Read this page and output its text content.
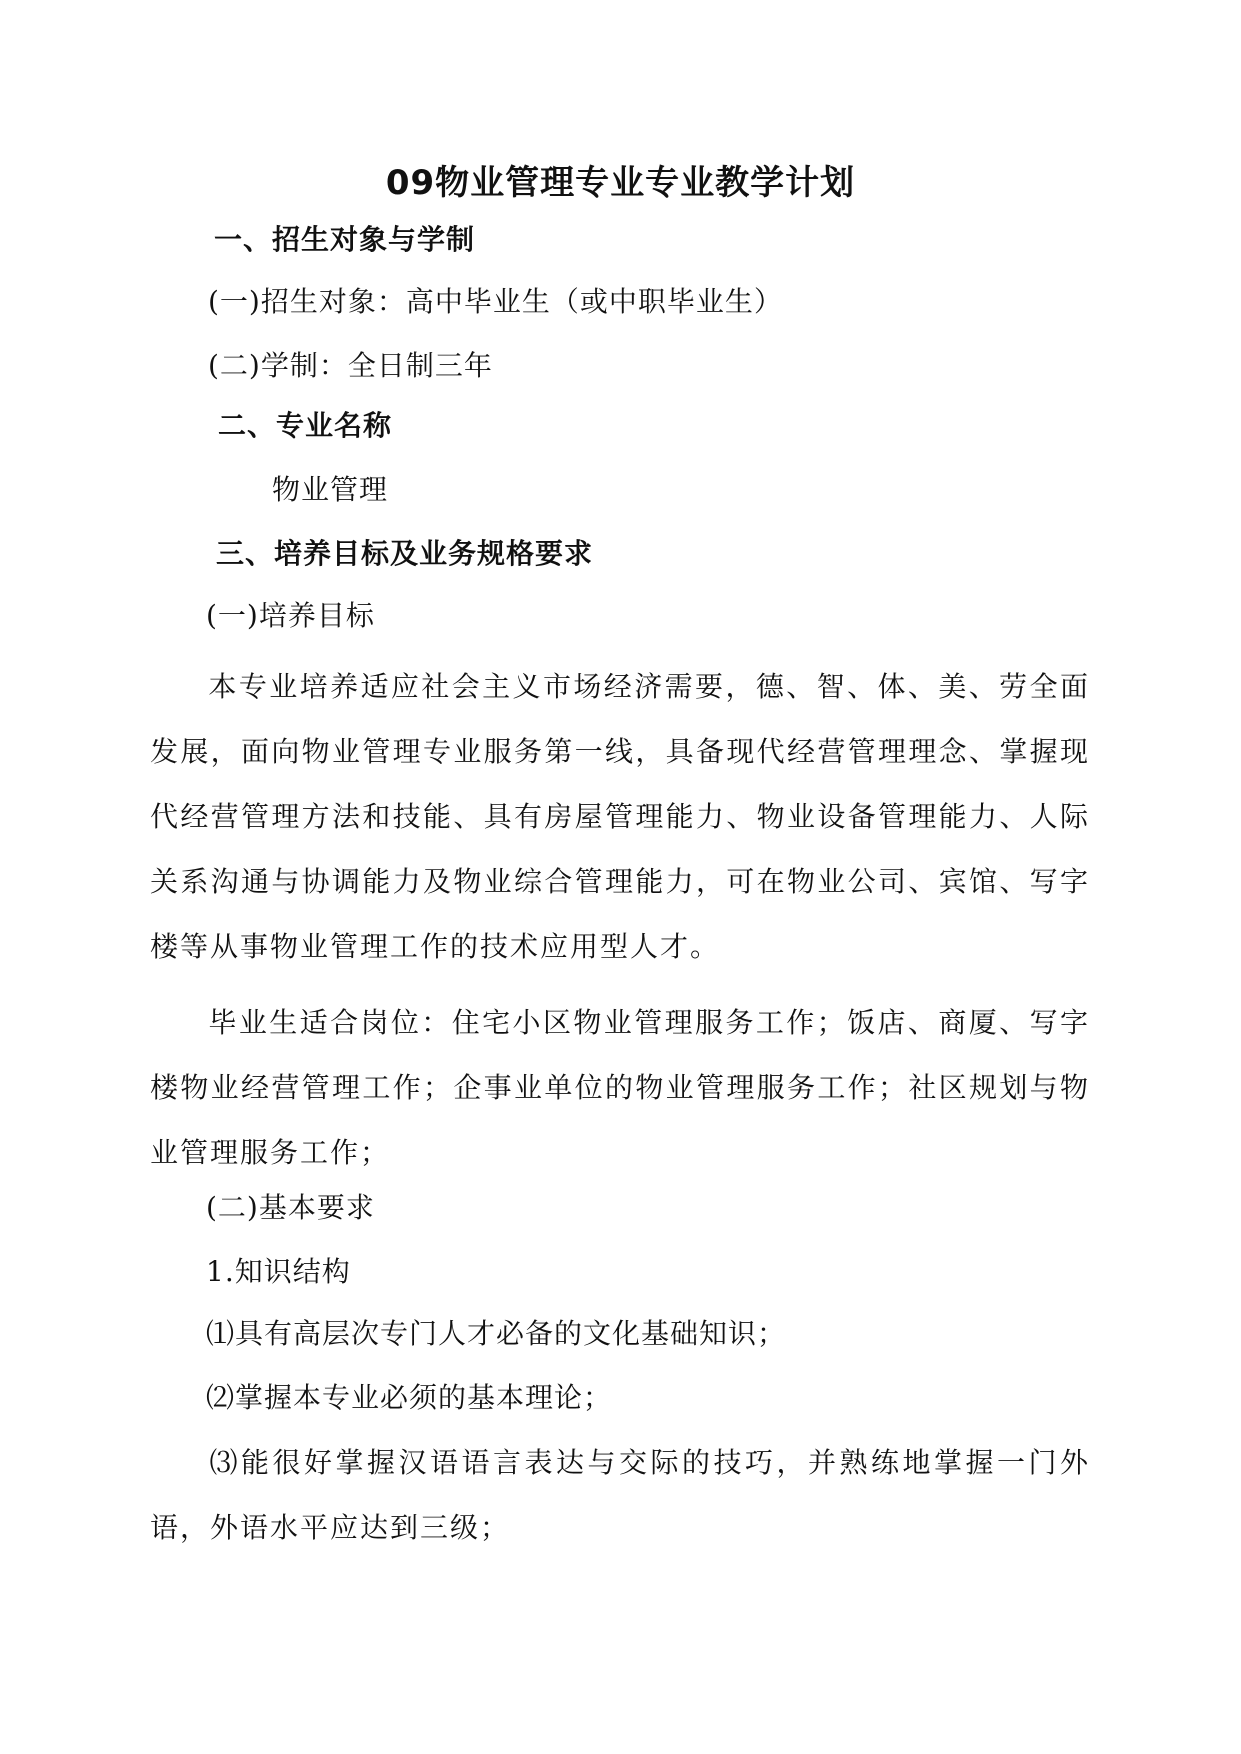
09物业管理专业专业教学计划
一、招生对象与学制
(一)招生对象：高中毕业生（或中职毕业生）
(二)学制：全日制三年
二、专业名称
物业管理
三、培养目标及业务规格要求
(一)培养目标
本专业培养适应社会主义市场经济需要，德、智、体、美、劳全面发展，面向物业管理专业服务第一线，具备现代经营管理理念、掌握现代经营管理方法和技能、具有房屋管理能力、物业设备管理能力、人际关系沟通与协调能力及物业综合管理能力，可在物业公司、宾馆、写字楼等从事物业管理工作的技术应用型人才。
毕业生适合岗位：住宅小区物业管理服务工作；饭店、商厦、写字楼物业经营管理工作；企事业单位的物业管理服务工作；社区规划与物业管理服务工作；
(二)基本要求
1.知识结构
⑴具有高层次专门人才必备的文化基础知识；
⑵掌握本专业必须的基本理论；
⑶能很好掌握汉语语言表达与交际的技巧，并熟练地掌握一门外语，外语水平应达到三级；
